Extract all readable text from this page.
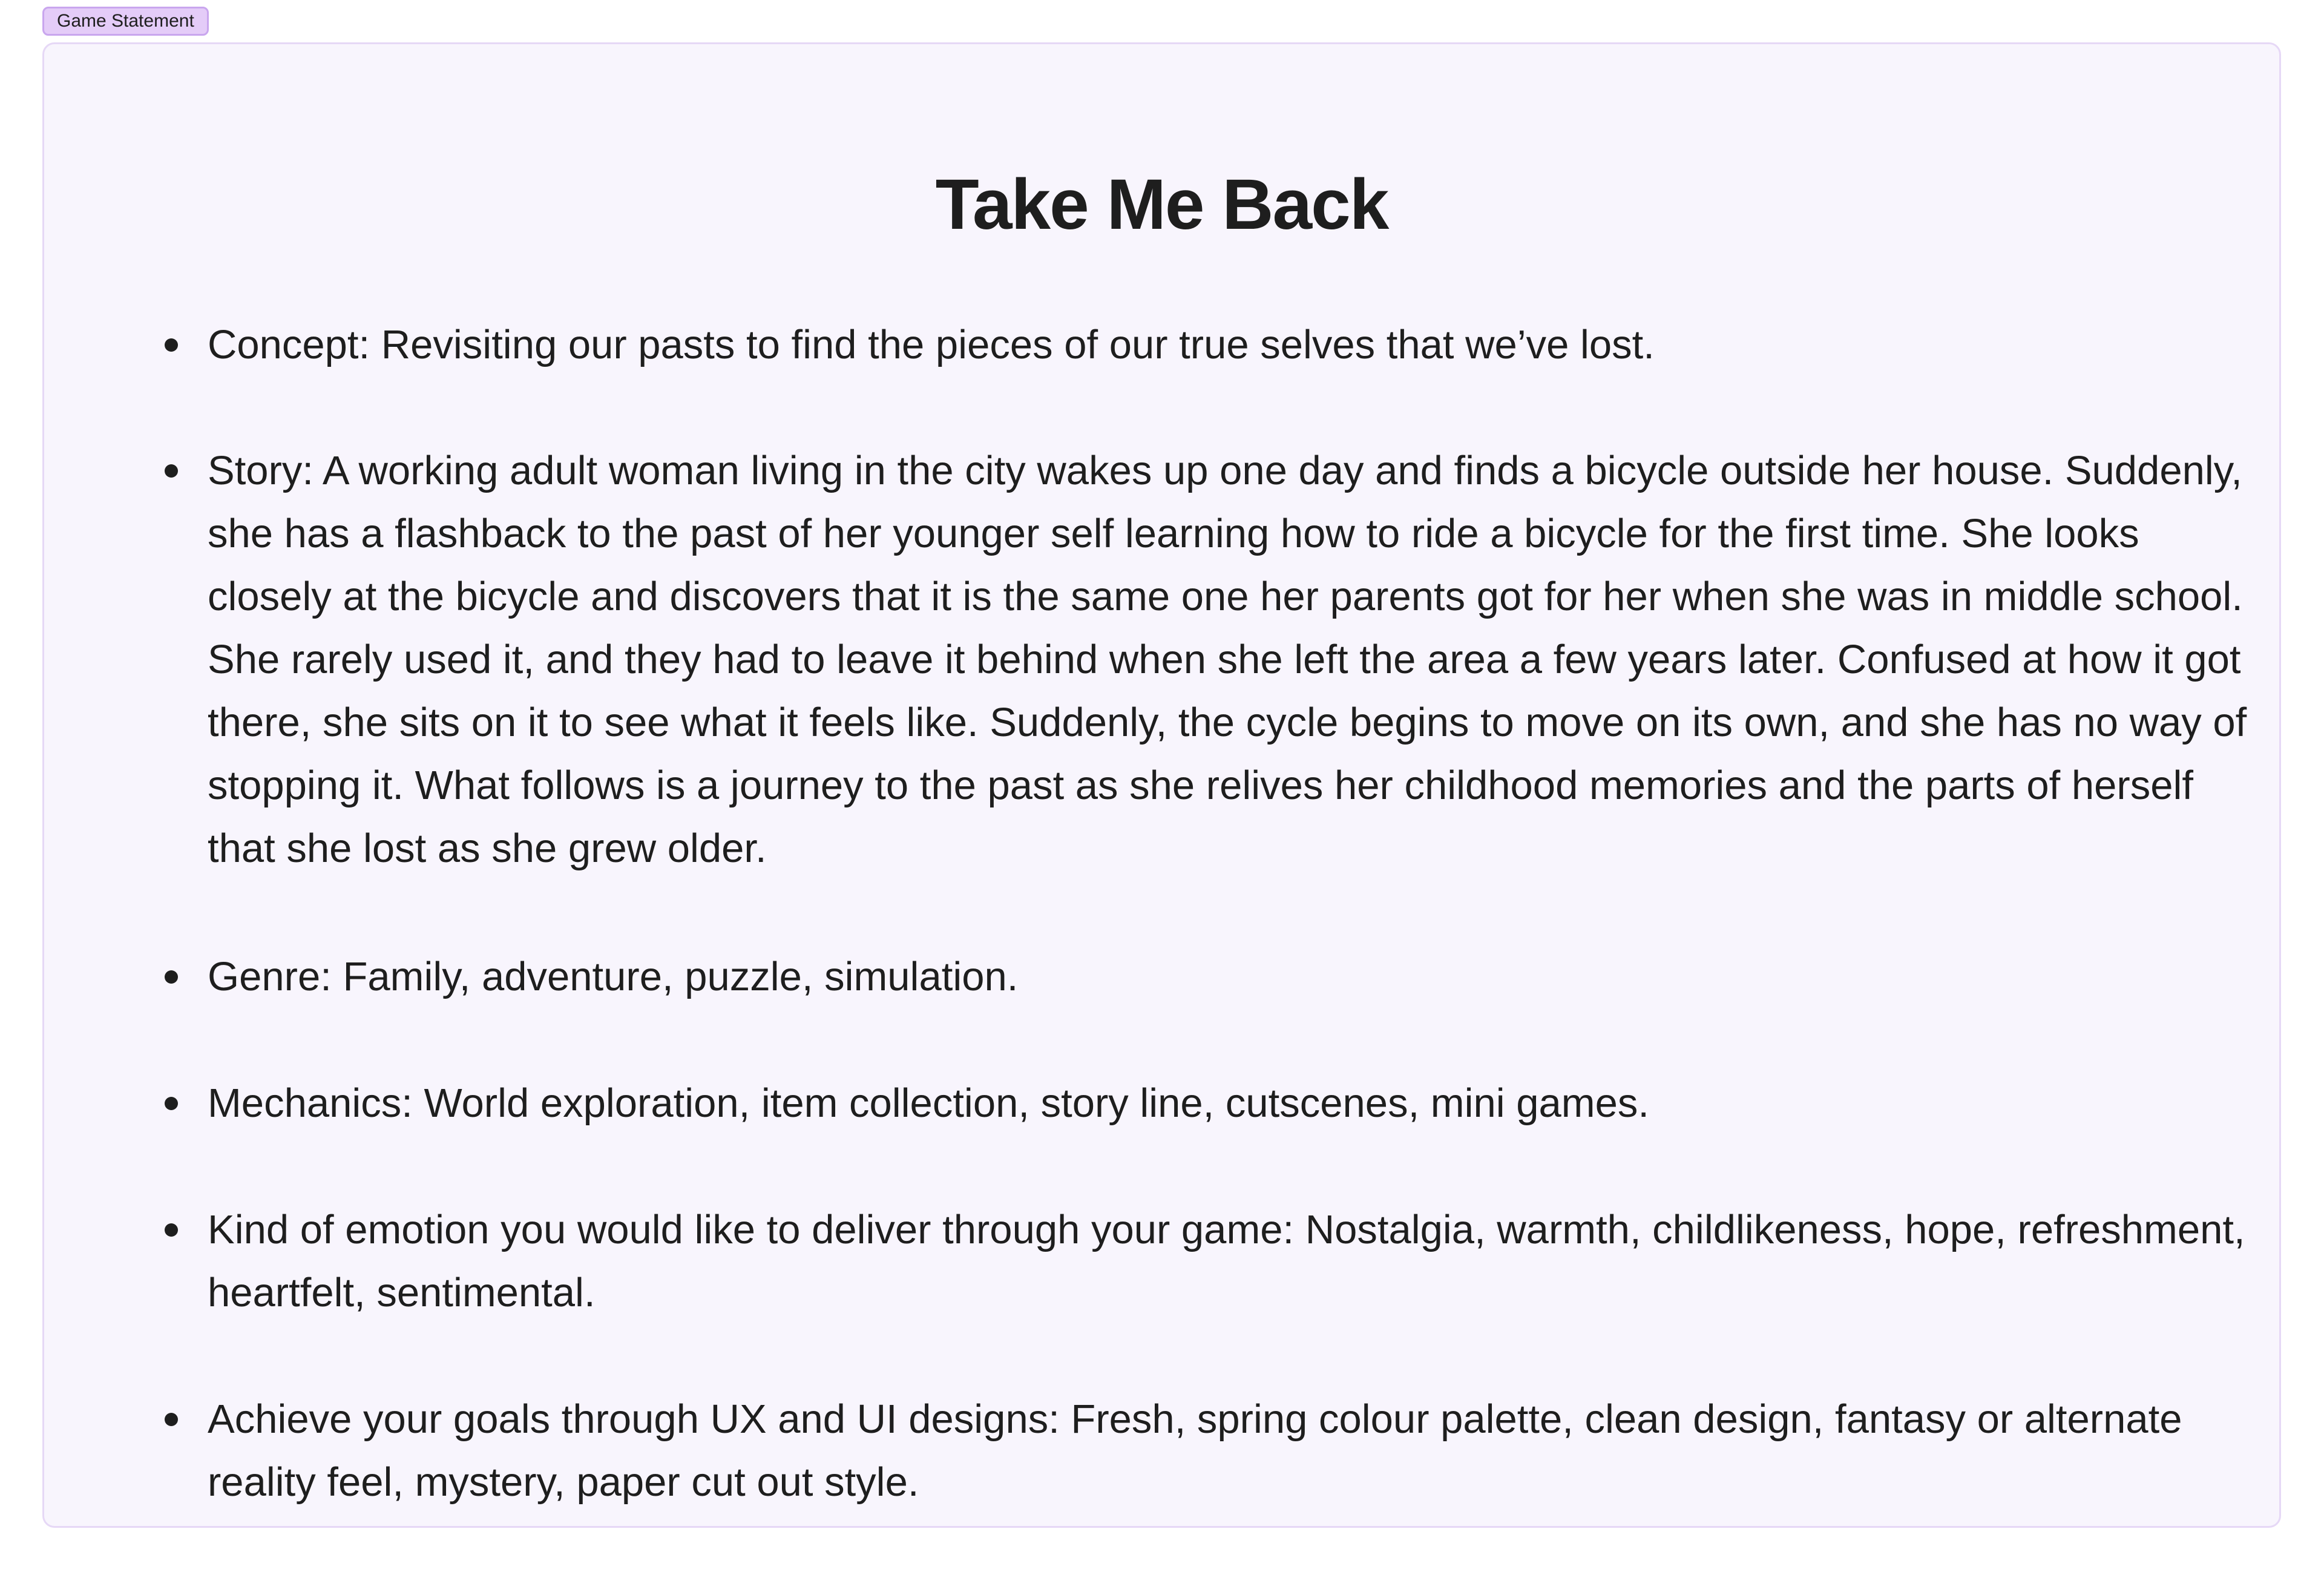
Game Statement
Take Me Back
Concept: Revisiting our pasts to find the pieces of our true selves that we’ve lost.
Story: A working adult woman living in the city wakes up one day and finds a bicycle outside her house. Suddenly, she has a flashback to the past of her younger self learning how to ride a bicycle for the first time. She looks closely at the bicycle and discovers that it is the same one her parents got for her when she was in middle school. She rarely used it, and they had to leave it behind when she left the area a few years later. Confused at how it got there, she sits on it to see what it feels like. Suddenly, the cycle begins to move on its own, and she has no way of stopping it. What follows is a journey to the past as she relives her childhood memories and the parts of herself that she lost as she grew older.
Genre: Family, adventure, puzzle, simulation.
Mechanics: World exploration, item collection, story line, cutscenes, mini games.
Kind of emotion you would like to deliver through your game: Nostalgia, warmth, childlikeness, hope, refreshment, heartfelt, sentimental.
Achieve your goals through UX and UI designs: Fresh, spring colour palette, clean design, fantasy or alternate reality feel, mystery, paper cut out style.
